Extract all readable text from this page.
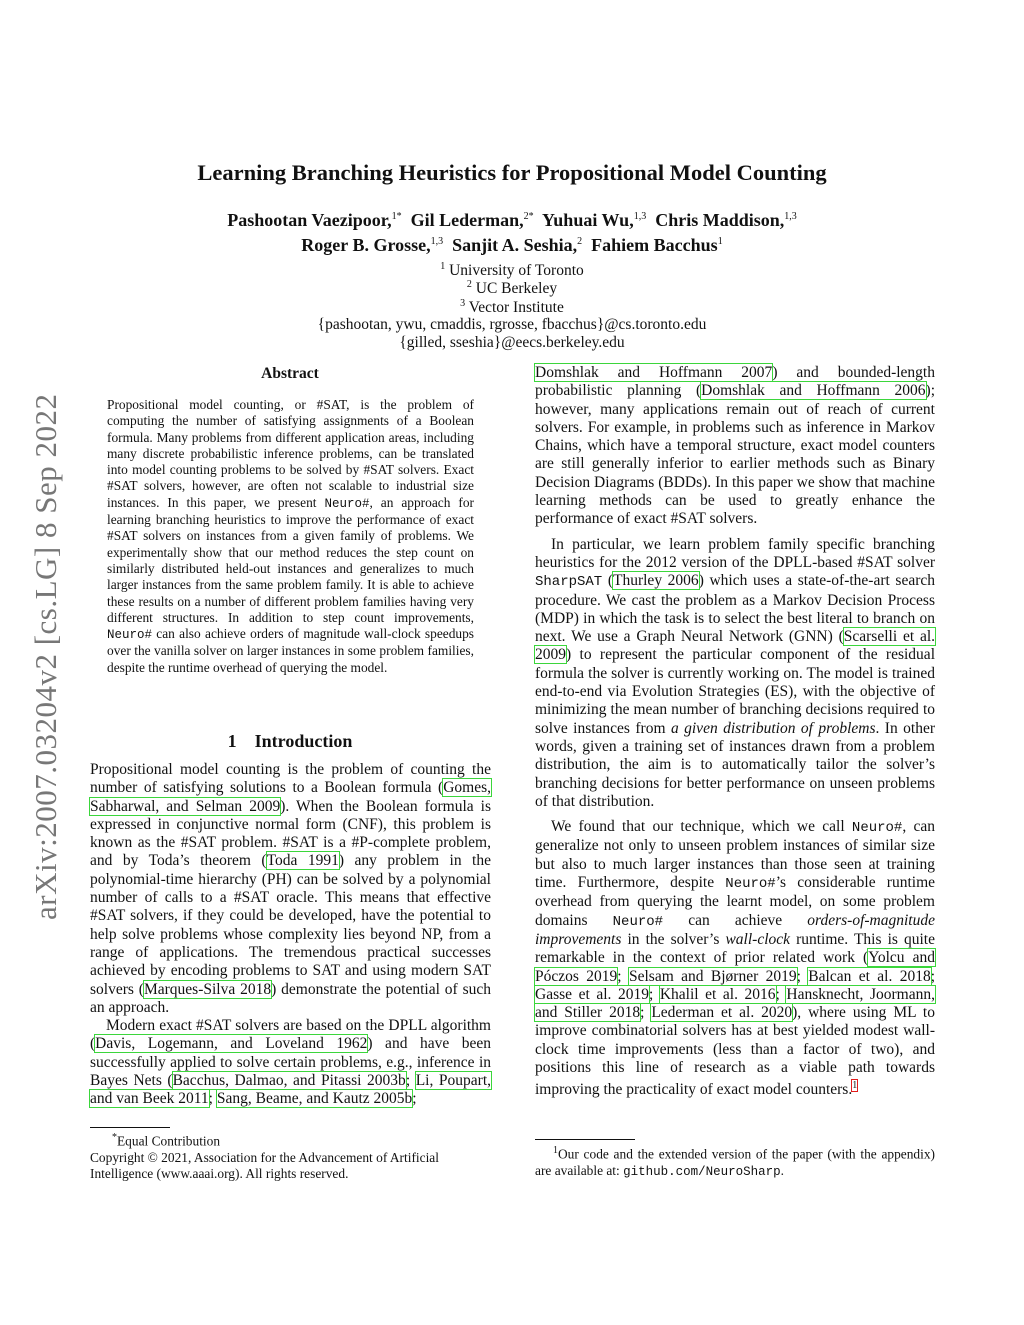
arXiv:2007.03204v2 [cs.LG] 8 Sep 2022
Learning Branching Heuristics for Propositional Model Counting
Pashootan Vaezipoor,$^{1*}$ Gil Lederman,$^{2*}$ Yuhuai Wu,$^{1,3}$ Chris Maddison,$^{1,3}$
Roger B. Grosse,$^{1,3}$ Sanjit A. Seshia,$^2$ Fahiem Bacchus$^1$
$^1$ University of Toronto
$^2$ UC Berkeley
$^3$ Vector Institute
{pashootan, ywu, cmaddis, rgrosse, fbacchus}@cs.toronto.edu
{gilled, sseshia}@eecs.berkeley.edu
Abstract
Propositional model counting, or #SAT, is the problem of computing the number of satisfying assignments of a Boolean formula. Many problems from different application areas, including many discrete probabilistic inference problems, can be translated into model counting problems to be solved by #SAT solvers. Exact #SAT solvers, however, are often not scalable to industrial size instances. In this paper, we present Neuro#, an approach for learning branching heuristics to improve the performance of exact #SAT solvers on instances from a given family of problems. We experimentally show that our method reduces the step count on similarly distributed held-out instances and generalizes to much larger instances from the same problem family. It is able to achieve these results on a number of different problem families having very different structures. In addition to step count improvements, Neuro# can also achieve orders of magnitude wall-clock speedups over the vanilla solver on larger instances in some problem families, despite the runtime overhead of querying the model.
1 Introduction

Propositional model counting is the problem of counting the number of satisfying solutions to a Boolean formula (Gomes, Sabharwal, and Selman 2009). When the Boolean formula is expressed in conjunctive normal form (CNF), this problem is known as the #SAT problem. #SAT is a #P-complete problem, and by Toda’s theorem (Toda 1991) any problem in the polynomial-time hierarchy (PH) can be solved by a polynomial number of calls to a #SAT oracle. This means that effective #SAT solvers, if they could be developed, have the potential to help solve problems whose complexity lies beyond NP, from a range of applications. The tremendous practical successes achieved by encoding problems to SAT and using modern SAT solvers (Marques-Silva 2018) demonstrate the potential of such an approach.

Modern exact #SAT solvers are based on the DPLL algorithm (Davis, Logemann, and Loveland 1962) and have been successfully applied to solve certain problems, e.g., inference in Bayes Nets (Bacchus, Dalmao, and Pitassi 2003b; Li, Poupart, and van Beek 2011; Sang, Beame, and Kautz 2005b;

*Equal Contribution
Copyright © 2021, Association for the Advancement of Artificial Intelligence (www.aaai.org). All rights reserved.

Domshlak and Hoffmann 2007) and bounded-length probabilistic planning (Domshlak and Hoffmann 2006); however, many applications remain out of reach of current solvers. For example, in problems such as inference in Markov Chains, which have a temporal structure, exact model counters are still generally inferior to earlier methods such as Binary Decision Diagrams (BDDs). In this paper we show that machine learning methods can be used to greatly enhance the performance of exact #SAT solvers.

In particular, we learn problem family specific branching heuristics for the 2012 version of the DPLL-based #SAT solver SharpSAT (Thurley 2006) which uses a state-of-the-art search procedure. We cast the problem as a Markov Decision Process (MDP) in which the task is to select the best literal to branch on next. We use a Graph Neural Network (GNN) (Scarselli et al. 2009) to represent the particular component of the residual formula the solver is currently working on. The model is trained end-to-end via Evolution Strategies (ES), with the objective of minimizing the mean number of branching decisions required to solve instances from a given distribution of problems. In other words, given a training set of instances drawn from a problem distribution, the aim is to automatically tailor the solver’s branching decisions for better performance on unseen problems of that distribution.

We found that our technique, which we call Neuro#, can generalize not only to unseen problem instances of similar size but also to much larger instances than those seen at training time. Furthermore, despite Neuro#’s considerable runtime overhead from querying the learnt model, on some problem domains Neuro# can achieve orders-of-magnitude improvements in the solver’s wall-clock runtime. This is quite remarkable in the context of prior related work (Yolcu and Póczos 2019; Selsam and Bjørner 2019; Balcan et al. 2018; Gasse et al. 2019; Khalil et al. 2016; Hansknecht, Joormann, and Stiller 2018; Lederman et al. 2020), where using ML to improve combinatorial solvers has at best yielded modest wall-clock time improvements (less than a factor of two), and positions this line of research as a viable path towards improving the practicality of exact model counters.$^1$

$^1$Our code and the extended version of the paper (with the appendix) are available at: github.com/NeuroSharp.
